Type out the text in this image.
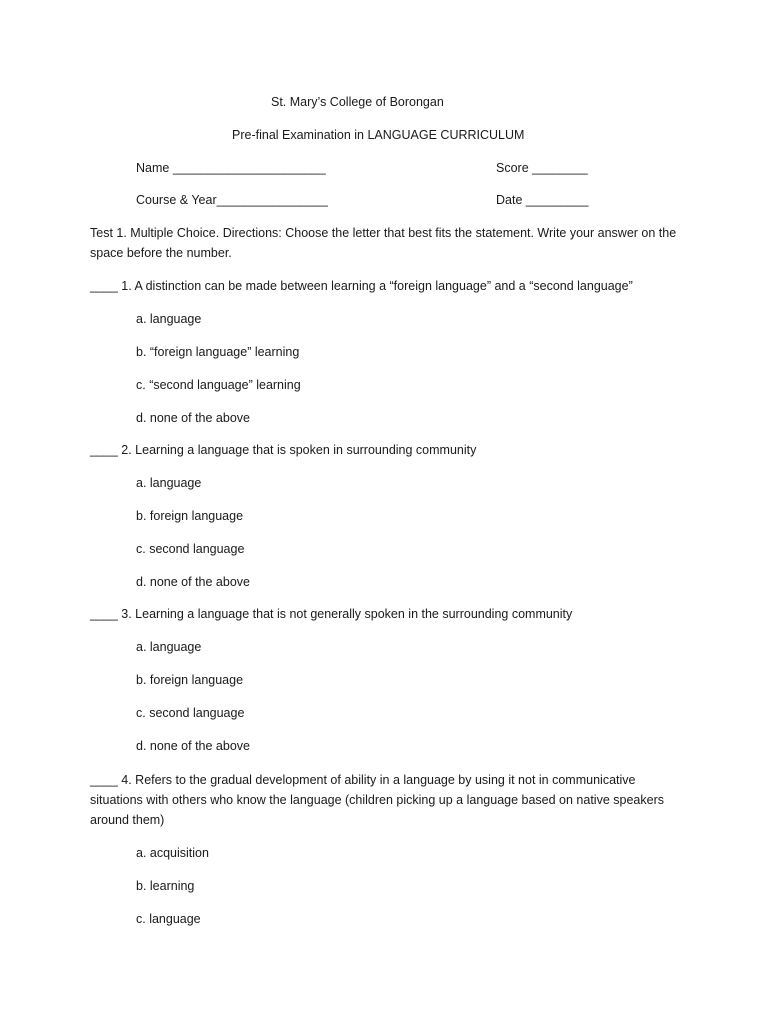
St. Mary’s College of Borongan
Pre-final Examination in LANGUAGE CURRICULUM
Name ______________________	Score ________
Course & Year________________	Date _________
Test 1. Multiple Choice. Directions: Choose the letter that best fits the statement. Write your answer on the space before the number.
____ 1. A distinction can be made between learning a “foreign language” and a “second language”
a. language
b. “foreign language” learning
c. “second language” learning
d. none of the above
____ 2. Learning a language that is spoken in surrounding community
a. language
b. foreign language
c. second language
d. none of the above
____ 3. Learning a language that is not generally spoken in the surrounding community
a. language
b. foreign language
c. second language
d. none of the above
____ 4. Refers to the gradual development of ability in a language by using it not in communicative situations with others who know the language (children picking up a language based on native speakers around them)
a. acquisition
b. learning
c. language
